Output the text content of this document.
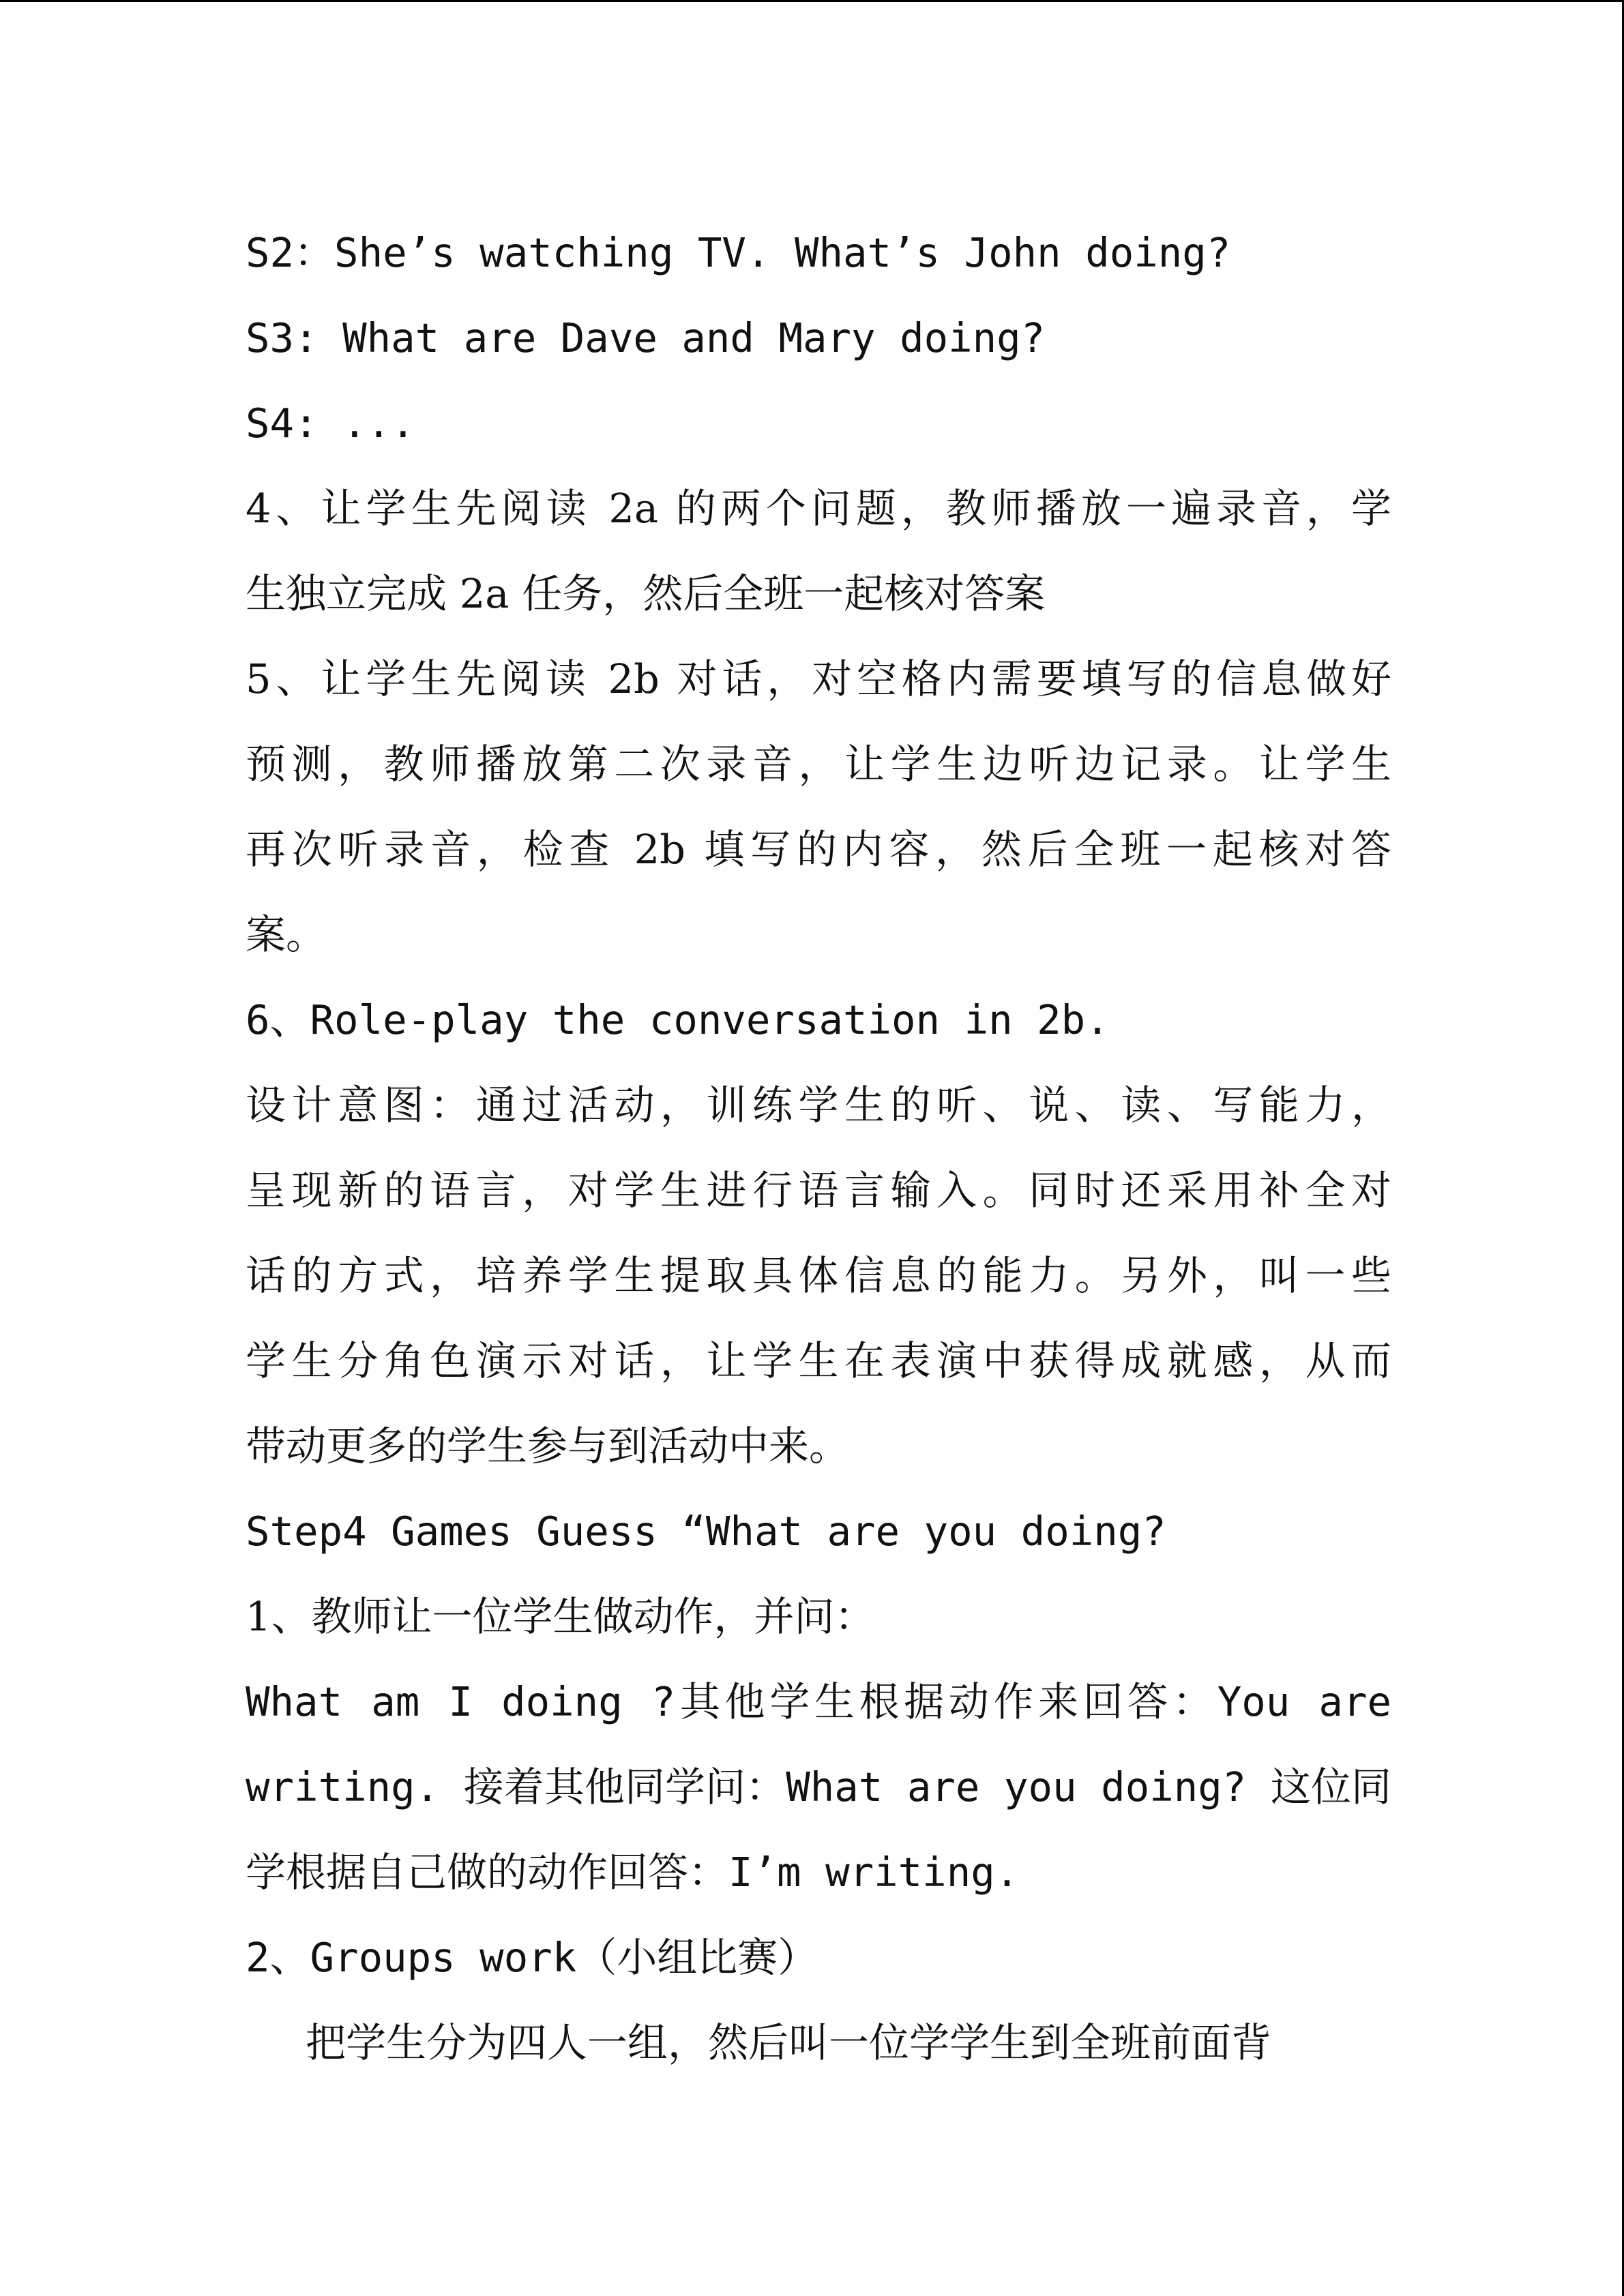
S2：She’s watching TV. What’s John doing?
S3: What are Dave and Mary doing?
S4: ...
4、让学生先阅读 2a 的两个问题，教师播放一遍录音，学
生独立完成 2a 任务，然后全班一起核对答案
5、让学生先阅读 2b 对话，对空格内需要填写的信息做好
预测，教师播放第二次录音，让学生边听边记录。让学生
再次听录音，检查 2b 填写的内容，然后全班一起核对答
案。
6、Role-play the conversation in 2b.
设计意图：通过活动，训练学生的听、说、读、写能力，
呈现新的语言，对学生进行语言输入。同时还采用补全对
话的方式，培养学生提取具体信息的能力。另外，叫一些
学生分角色演示对话，让学生在表演中获得成就感，从而
带动更多的学生参与到活动中来。
Step4 Games Guess “What are you doing?
1、教师让一位学生做动作，并问：
What am I doing ?其他学生根据动作来回答：You are
writing. 接着其他同学问：What are you doing? 这位同
学根据自己做的动作回答：I’m writing.
2、Groups work（小组比赛）
把学生分为四人一组，然后叫一位学学生到全班前面背
